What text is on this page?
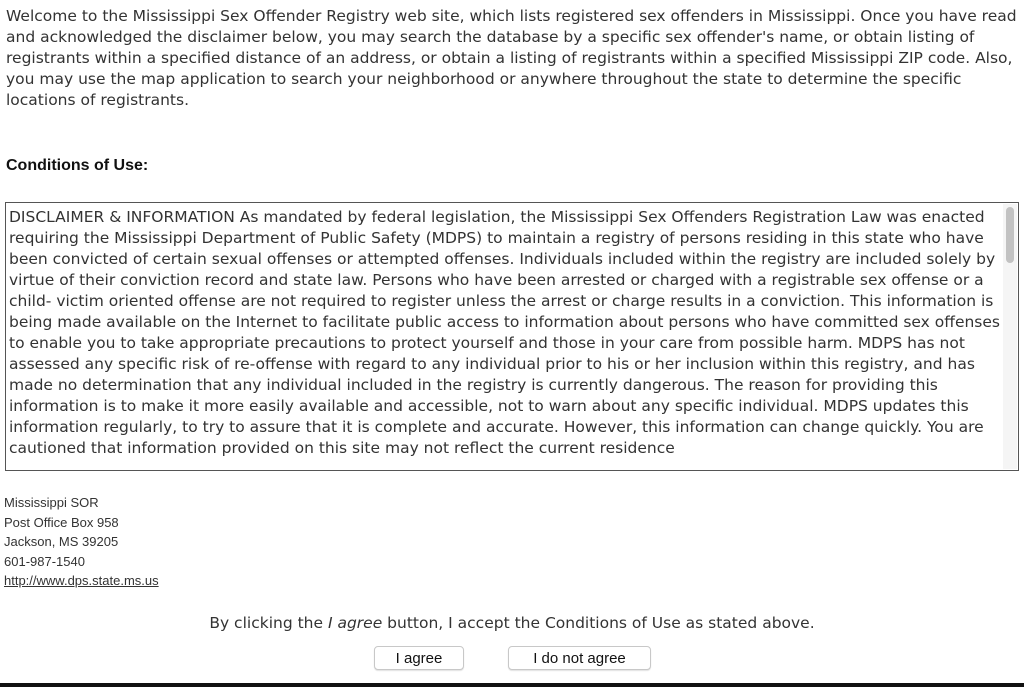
Welcome to the Mississippi Sex Offender Registry web site, which lists registered sex offenders in Mississippi. Once you have read and acknowledged the disclaimer below, you may search the database by a specific sex offender's name, or obtain listing of registrants within a specified distance of an address, or obtain a listing of registrants within a specified Mississippi ZIP code. Also, you may use the map application to search your neighborhood or anywhere throughout the state to determine the specific locations of registrants.

Conditions of Use:
DISCLAIMER & INFORMATION As mandated by federal legislation, the Mississippi Sex Offenders Registration Law was enacted requiring the Mississippi Department of Public Safety (MDPS) to maintain a registry of persons residing in this state who have been convicted of certain sexual offenses or attempted offenses. Individuals included within the registry are included solely by virtue of their conviction record and state law. Persons who have been arrested or charged with a registrable sex offense or a child- victim oriented offense are not required to register unless the arrest or charge results in a conviction. This information is being made available on the Internet to facilitate public access to information about persons who have committed sex offenses to enable you to take appropriate precautions to protect yourself and those in your care from possible harm. MDPS has not assessed any specific risk of re-offense with regard to any individual prior to his or her inclusion within this registry, and has made no determination that any individual included in the registry is currently dangerous. The reason for providing this information is to make it more easily available and accessible, not to warn about any specific individual. MDPS updates this information regularly, to try to assure that it is complete and accurate. However, this information can change quickly. You are cautioned that information provided on this site may not reflect the current residence
Mississippi SOR
Post Office Box 958
Jackson, MS 39205
601-987-1540
http://www.dps.state.ms.us
By clicking the I agree button, I accept the Conditions of Use as stated above.
I agree	I do not agree
